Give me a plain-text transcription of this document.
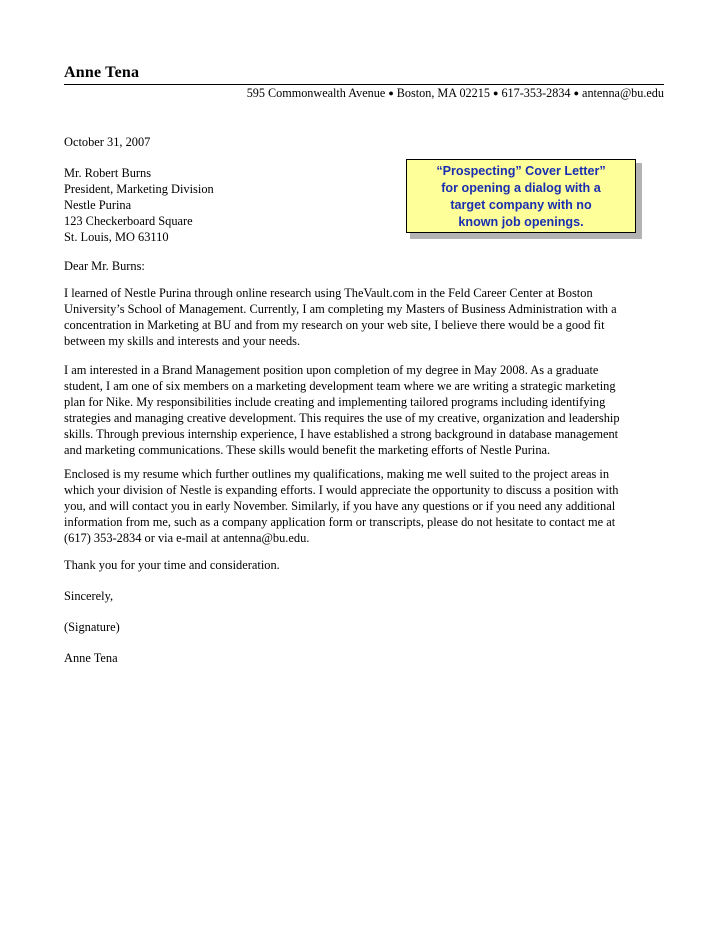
Anne Tena
595 Commonwealth Avenue ● Boston, MA 02215 ● 617-353-2834 ● antenna@bu.edu
October 31, 2007
Mr. Robert Burns
President, Marketing Division
Nestle Purina
123 Checkerboard Square
St. Louis, MO 63110
“Prospecting” Cover Letter”
for opening a dialog with a
target company with no
known job openings.
Dear Mr. Burns:
I learned of Nestle Purina through online research using TheVault.com in the Feld Career Center at Boston
University’s School of Management. Currently, I am completing my Masters of Business Administration with a
concentration in Marketing at BU and from my research on your web site, I believe there would be a good fit
between my skills and interests and your needs.
I am interested in a Brand Management position upon completion of my degree in May 2008. As a graduate
student, I am one of six members on a marketing development team where we are writing a strategic marketing
plan for Nike. My responsibilities include creating and implementing tailored programs including identifying
strategies and managing creative development. This requires the use of my creative, organization and leadership
skills. Through previous internship experience, I have established a strong background in database management
and marketing communications. These skills would benefit the marketing efforts of Nestle Purina.
Enclosed is my resume which further outlines my qualifications, making me well suited to the project areas in
which your division of Nestle is expanding efforts. I would appreciate the opportunity to discuss a position with
you, and will contact you in early November. Similarly, if you have any questions or if you need any additional
information from me, such as a company application form or transcripts, please do not hesitate to contact me at
(617) 353-2834 or via e-mail at antenna@bu.edu.
Thank you for your time and consideration.
Sincerely,
(Signature)
Anne Tena
